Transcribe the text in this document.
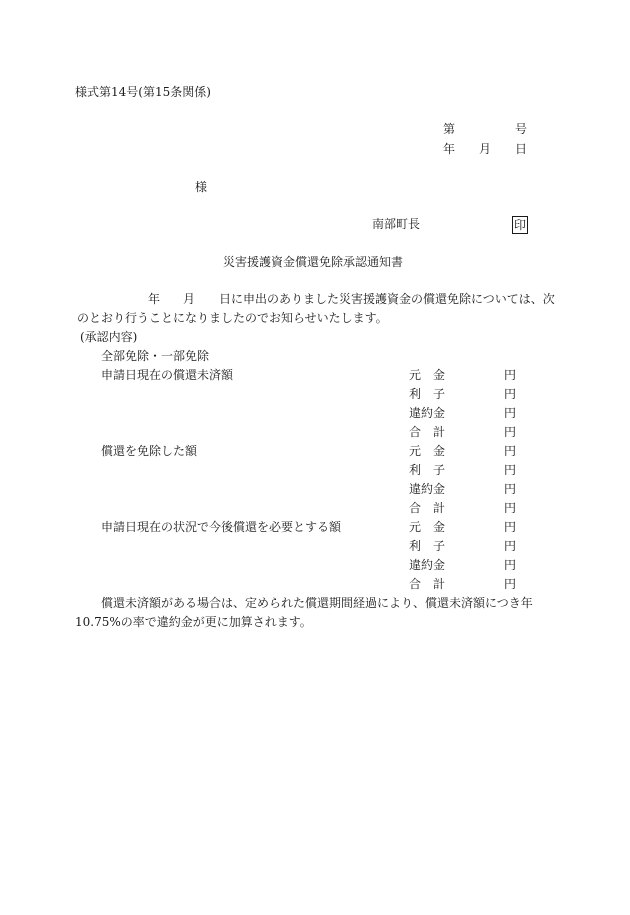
様式第14号(第15条関係)
第	号
年 月 日
様
南部町長	印
災害援護資金償還免除承認通知書
年 月 日に申出のありました災害援護資金の償還免除については、次
のとおり行うことになりましたのでお知らせいたします。
(承認内容)
全部免除・一部免除
申請日現在の償還未済額	元　金	円
利　子	円
違約金	円
合　計	円
償還を免除した額	元　金	円
利　子	円
違約金	円
合　計	円
申請日現在の状況で今後償還を必要とする額	元　金	円
利　子	円
違約金	円
合　計	円
償還未済額がある場合は、定められた償還期間経過により、償還未済額につき年
10.75%の率で違約金が更に加算されます。
